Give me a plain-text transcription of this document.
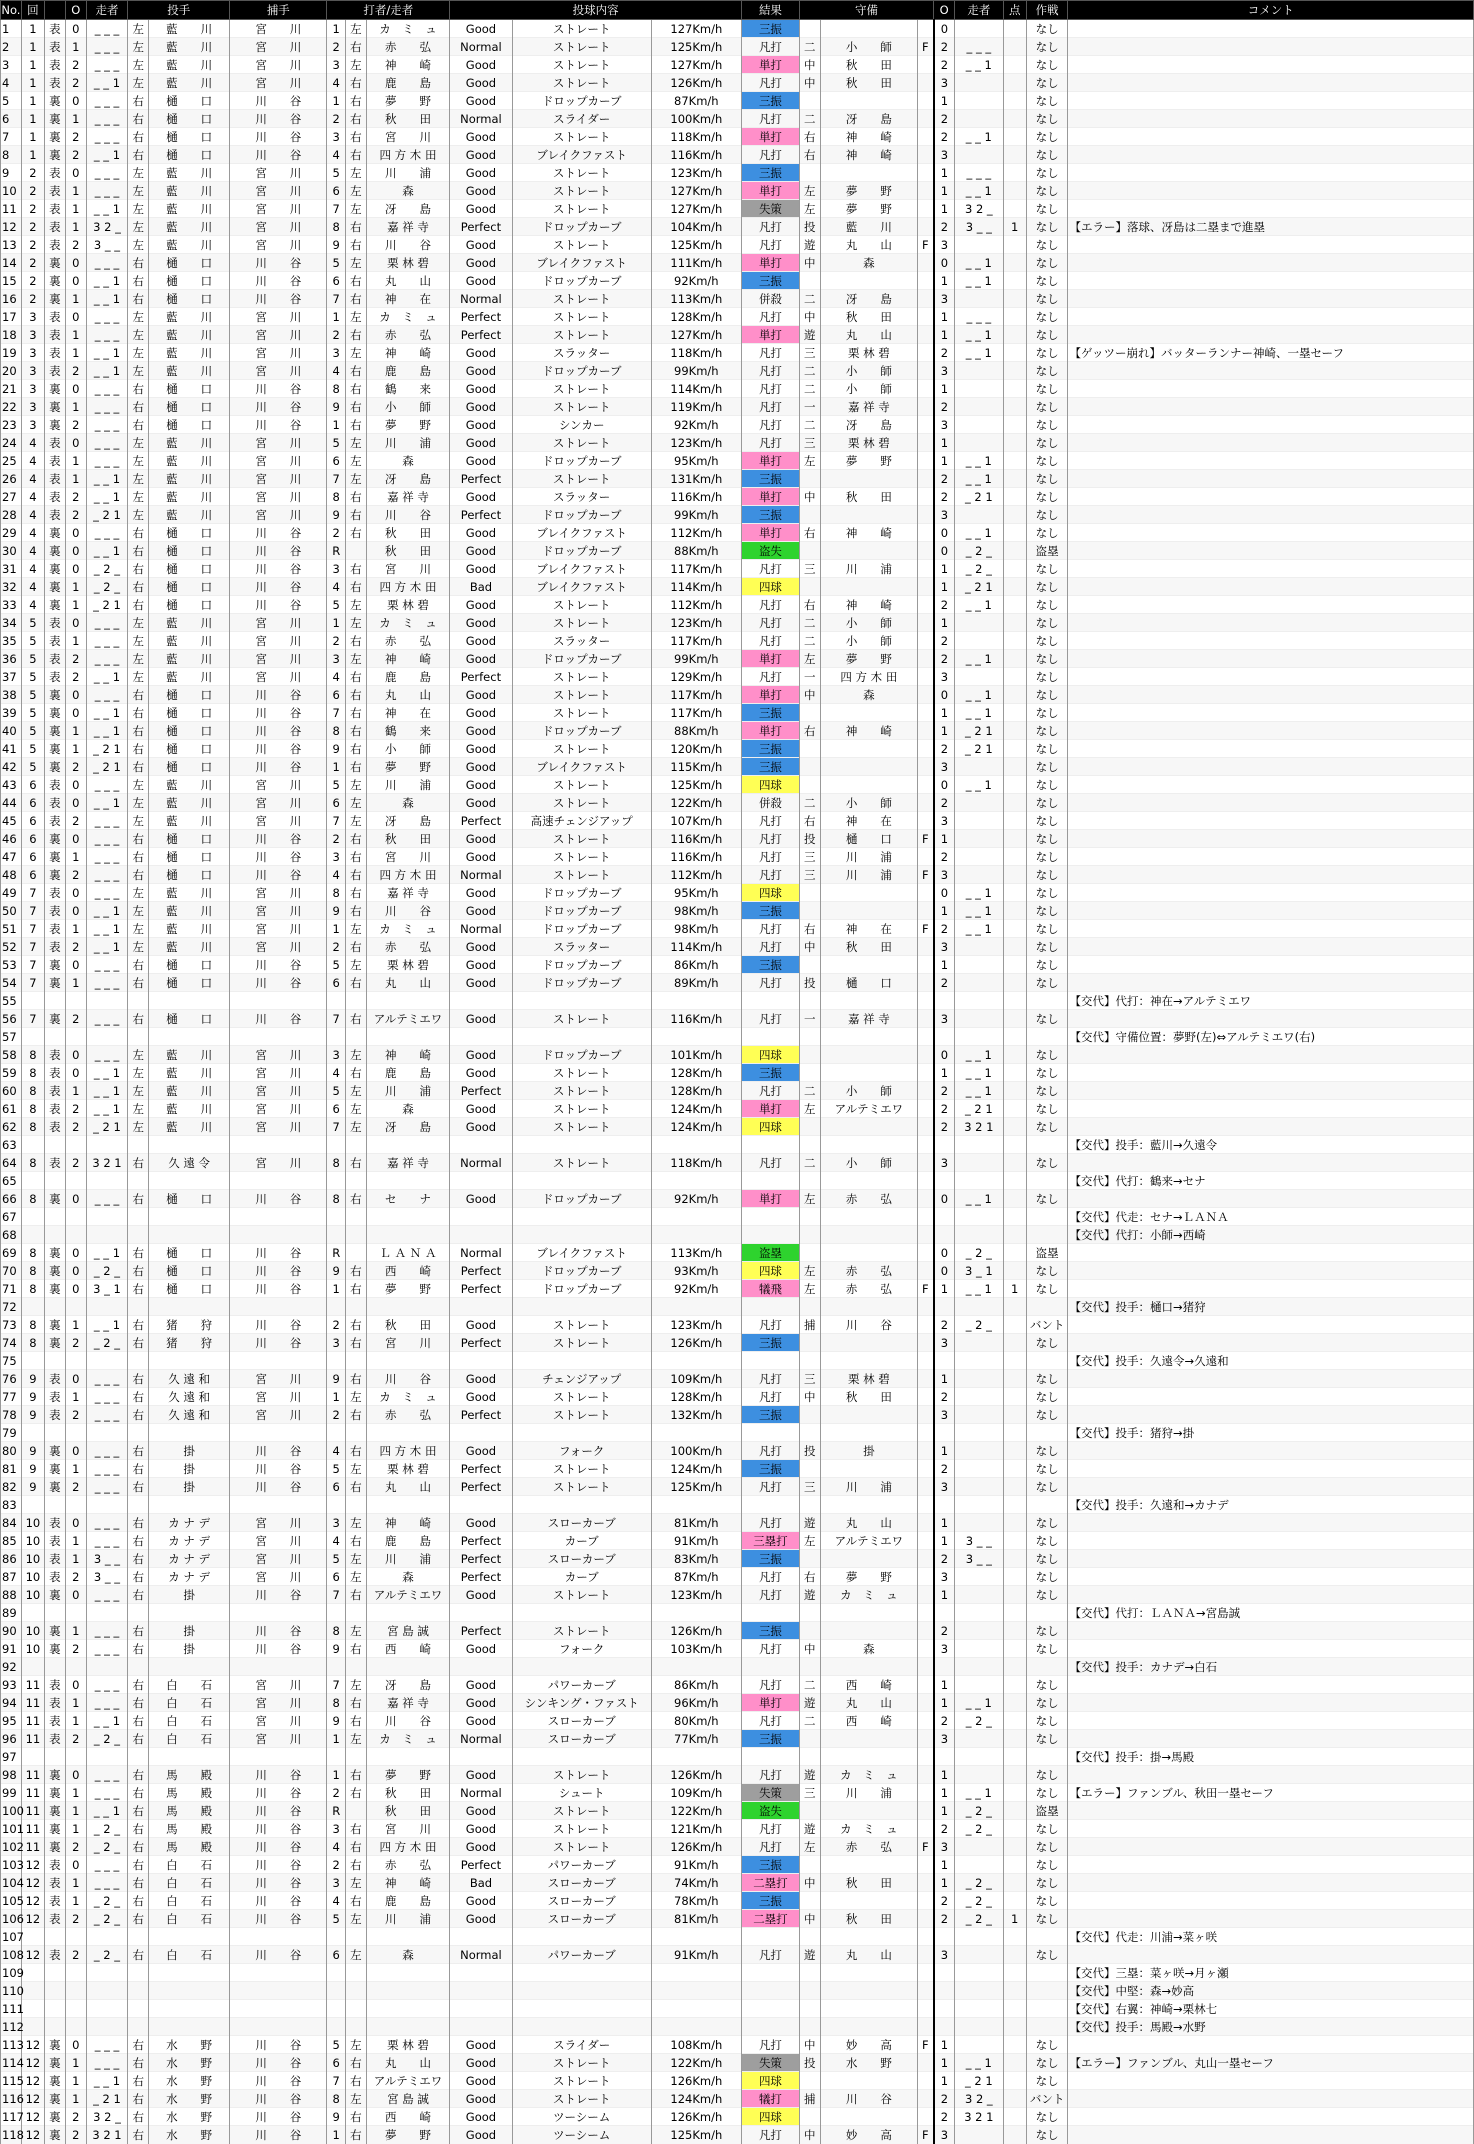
No.	回		O	走者	投手		捕手	打者/走者			投球内容			結果	守備			O	走者	点	作戦	コメント
1	1	表	0	_ _ _	左	藍　　川	宮　　川	1	左	カ　ミ　ュ	Good	ストレート	127Km/h	三振				0			なし	
2	1	表	1	_ _ _	左	藍　　川	宮　　川	2	右	赤　　弘	Normal	ストレート	125Km/h	凡打	二	小　　師	F	2	_ _ _		なし	
3	1	表	2	_ _ _	左	藍　　川	宮　　川	3	左	神　　崎	Good	ストレート	127Km/h	単打	中	秋　　田		2	_ _ 1		なし	
4	1	表	2	_ _ 1	左	藍　　川	宮　　川	4	右	鹿　　島	Good	ストレート	126Km/h	凡打	中	秋　　田		3			なし	
5	1	裏	0	_ _ _	右	樋　　口	川　　谷	1	右	夢　　野	Good	ドロップカーブ	87Km/h	三振				1			なし	
6	1	裏	1	_ _ _	右	樋　　口	川　　谷	2	右	秋　　田	Normal	スライダー	100Km/h	凡打	二	冴　　島		2			なし	
7	1	裏	2	_ _ _	右	樋　　口	川　　谷	3	右	宮　　川	Good	ストレート	118Km/h	単打	右	神　　崎		2	_ _ 1		なし	
8	1	裏	2	_ _ 1	右	樋　　口	川　　谷	4	右	四 方 木 田	Good	ブレイクファスト	116Km/h	凡打	右	神　　崎		3			なし	
9	2	表	0	_ _ _	左	藍　　川	宮　　川	5	左	川　　浦	Good	ストレート	123Km/h	三振				1	_ _ _		なし	
10	2	表	1	_ _ _	左	藍　　川	宮　　川	6	左	森	Good	ストレート	127Km/h	単打	左	夢　　野		1	_ _ 1		なし	
11	2	表	1	_ _ 1	左	藍　　川	宮　　川	7	左	冴　　島	Good	ストレート	127Km/h	失策	左	夢　　野		1	3 2 _		なし	
12	2	表	1	3 2 _	左	藍　　川	宮　　川	8	右	嘉 祥 寺	Perfect	ドロップカーブ	104Km/h	凡打	投	藍　　川		2	3 _ _	1	なし	【エラー】落球、冴島は二塁まで進塁
13	2	表	2	3 _ _	左	藍　　川	宮　　川	9	右	川　　谷	Good	ストレート	125Km/h	凡打	遊	丸　　山	F	3			なし	
14	2	裏	0	_ _ _	右	樋　　口	川　　谷	5	左	栗 林 碧	Good	ブレイクファスト	111Km/h	単打	中	森		0	_ _ 1		なし	
15	2	裏	0	_ _ 1	右	樋　　口	川　　谷	6	右	丸　　山	Good	ドロップカーブ	92Km/h	三振				1	_ _ 1		なし	
16	2	裏	1	_ _ 1	右	樋　　口	川　　谷	7	右	神　　在	Normal	ストレート	113Km/h	併殺	二	冴　　島		3			なし	
17	3	表	0	_ _ _	左	藍　　川	宮　　川	1	左	カ　ミ　ュ	Perfect	ストレート	128Km/h	凡打	中	秋　　田		1	_ _ _		なし	
18	3	表	1	_ _ _	左	藍　　川	宮　　川	2	右	赤　　弘	Perfect	ストレート	127Km/h	単打	遊	丸　　山		1	_ _ 1		なし	
19	3	表	1	_ _ 1	左	藍　　川	宮　　川	3	左	神　　崎	Good	スラッター	118Km/h	凡打	三	栗 林 碧		2	_ _ 1		なし	【ゲッツー崩れ】バッターランナー神崎、一塁セーフ
20	3	表	2	_ _ 1	左	藍　　川	宮　　川	4	右	鹿　　島	Good	ドロップカーブ	99Km/h	凡打	二	小　　師		3			なし	
21	3	裏	0	_ _ _	右	樋　　口	川　　谷	8	右	鶴　　来	Good	ストレート	114Km/h	凡打	二	小　　師		1			なし	
22	3	裏	1	_ _ _	右	樋　　口	川　　谷	9	右	小　　師	Good	ストレート	119Km/h	凡打	一	嘉 祥 寺		2			なし	
23	3	裏	2	_ _ _	右	樋　　口	川　　谷	1	右	夢　　野	Good	シンカー	92Km/h	凡打	二	冴　　島		3			なし	
24	4	表	0	_ _ _	左	藍　　川	宮　　川	5	左	川　　浦	Good	ストレート	123Km/h	凡打	三	栗 林 碧		1			なし	
25	4	表	1	_ _ _	左	藍　　川	宮　　川	6	左	森	Good	ドロップカーブ	95Km/h	単打	左	夢　　野		1	_ _ 1		なし	
26	4	表	1	_ _ 1	左	藍　　川	宮　　川	7	左	冴　　島	Perfect	ストレート	131Km/h	三振				2	_ _ 1		なし	
27	4	表	2	_ _ 1	左	藍　　川	宮　　川	8	右	嘉 祥 寺	Good	スラッター	116Km/h	単打	中	秋　　田		2	_ 2 1		なし	
28	4	表	2	_ 2 1	左	藍　　川	宮　　川	9	右	川　　谷	Perfect	ドロップカーブ	99Km/h	三振				3			なし	
29	4	裏	0	_ _ _	右	樋　　口	川　　谷	2	右	秋　　田	Good	ブレイクファスト	112Km/h	単打	右	神　　崎		0	_ _ 1		なし	
30	4	裏	0	_ _ 1	右	樋　　口	川　　谷	R		秋　　田	Good	ドロップカーブ	88Km/h	盗失				0	_ 2 _		盗塁	
31	4	裏	0	_ 2 _	右	樋　　口	川　　谷	3	右	宮　　川	Good	ブレイクファスト	117Km/h	凡打	三	川　　浦		1	_ 2 _		なし	
32	4	裏	1	_ 2 _	右	樋　　口	川　　谷	4	右	四 方 木 田	Bad	ブレイクファスト	114Km/h	四球				1	_ 2 1		なし	
33	4	裏	1	_ 2 1	右	樋　　口	川　　谷	5	左	栗 林 碧	Good	ストレート	112Km/h	凡打	右	神　　崎		2	_ _ 1		なし	
34	5	表	0	_ _ _	左	藍　　川	宮　　川	1	左	カ　ミ　ュ	Good	ストレート	123Km/h	凡打	二	小　　師		1			なし	
35	5	表	1	_ _ _	左	藍　　川	宮　　川	2	右	赤　　弘	Good	スラッター	117Km/h	凡打	二	小　　師		2			なし	
36	5	表	2	_ _ _	左	藍　　川	宮　　川	3	左	神　　崎	Good	ドロップカーブ	99Km/h	単打	左	夢　　野		2	_ _ 1		なし	
37	5	表	2	_ _ 1	左	藍　　川	宮　　川	4	右	鹿　　島	Perfect	ストレート	129Km/h	凡打	一	四 方 木 田		3			なし	
38	5	裏	0	_ _ _	右	樋　　口	川　　谷	6	右	丸　　山	Good	ストレート	117Km/h	単打	中	森		0	_ _ 1		なし	
39	5	裏	0	_ _ 1	右	樋　　口	川　　谷	7	右	神　　在	Good	ストレート	117Km/h	三振				1	_ _ 1		なし	
40	5	裏	1	_ _ 1	右	樋　　口	川　　谷	8	右	鶴　　来	Good	ドロップカーブ	88Km/h	単打	右	神　　崎		1	_ 2 1		なし	
41	5	裏	1	_ 2 1	右	樋　　口	川　　谷	9	右	小　　師	Good	ストレート	120Km/h	三振				2	_ 2 1		なし	
42	5	裏	2	_ 2 1	右	樋　　口	川　　谷	1	右	夢　　野	Good	ブレイクファスト	115Km/h	三振				3			なし	
43	6	表	0	_ _ _	左	藍　　川	宮　　川	5	左	川　　浦	Good	ストレート	125Km/h	四球				0	_ _ 1		なし	
44	6	表	0	_ _ 1	左	藍　　川	宮　　川	6	左	森	Good	ストレート	122Km/h	併殺	二	小　　師		2			なし	
45	6	表	2	_ _ _	左	藍　　川	宮　　川	7	左	冴　　島	Perfect	高速チェンジアップ	107Km/h	凡打	右	神　　在		3			なし	
46	6	裏	0	_ _ _	右	樋　　口	川　　谷	2	右	秋　　田	Good	ストレート	116Km/h	凡打	投	樋　　口	F	1			なし	
47	6	裏	1	_ _ _	右	樋　　口	川　　谷	3	右	宮　　川	Good	ストレート	116Km/h	凡打	三	川　　浦		2			なし	
48	6	裏	2	_ _ _	右	樋　　口	川　　谷	4	右	四 方 木 田	Normal	ストレート	112Km/h	凡打	三	川　　浦	F	3			なし	
49	7	表	0	_ _ _	左	藍　　川	宮　　川	8	右	嘉 祥 寺	Good	ドロップカーブ	95Km/h	四球				0	_ _ 1		なし	
50	7	表	0	_ _ 1	左	藍　　川	宮　　川	9	右	川　　谷	Good	ドロップカーブ	98Km/h	三振				1	_ _ 1		なし	
51	7	表	1	_ _ 1	左	藍　　川	宮　　川	1	左	カ　ミ　ュ	Normal	ドロップカーブ	98Km/h	凡打	右	神　　在	F	2	_ _ 1		なし	
52	7	表	2	_ _ 1	左	藍　　川	宮　　川	2	右	赤　　弘	Good	スラッター	114Km/h	凡打	中	秋　　田		3			なし	
53	7	裏	0	_ _ _	右	樋　　口	川　　谷	5	左	栗 林 碧	Good	ドロップカーブ	86Km/h	三振				1			なし	
54	7	裏	1	_ _ _	右	樋　　口	川　　谷	6	右	丸　　山	Good	ドロップカーブ	89Km/h	凡打	投	樋　　口		2			なし	
55																						【交代】代打：神在→アルテミエワ
56	7	裏	2	_ _ _	右	樋　　口	川　　谷	7	右	アルテミエワ	Good	ストレート	116Km/h	凡打	一	嘉 祥 寺		3			なし	
57																						【交代】守備位置：夢野(左)⇔アルテミエワ(右)
58	8	表	0	_ _ _	左	藍　　川	宮　　川	3	左	神　　崎	Good	ドロップカーブ	101Km/h	四球				0	_ _ 1		なし	
59	8	表	0	_ _ 1	左	藍　　川	宮　　川	4	右	鹿　　島	Good	ストレート	128Km/h	三振				1	_ _ 1		なし	
60	8	表	1	_ _ 1	左	藍　　川	宮　　川	5	左	川　　浦	Perfect	ストレート	128Km/h	凡打	二	小　　師		2	_ _ 1		なし	
61	8	表	2	_ _ 1	左	藍　　川	宮　　川	6	左	森	Good	ストレート	124Km/h	単打	左	アルテミエワ		2	_ 2 1		なし	
62	8	表	2	_ 2 1	左	藍　　川	宮　　川	7	左	冴　　島	Good	ストレート	124Km/h	四球				2	3 2 1		なし	
63																						【交代】投手：藍川→久遠令
64	8	表	2	3 2 1	右	久 遠 令	宮　　川	8	右	嘉 祥 寺	Normal	ストレート	118Km/h	凡打	二	小　　師		3			なし	
65																						【交代】代打：鶴来→セナ
66	8	裏	0	_ _ _	右	樋　　口	川　　谷	8	右	セ　　ナ	Good	ドロップカーブ	92Km/h	単打	左	赤　　弘		0	_ _ 1		なし	
67																						【交代】代走：セナ→ＬＡＮＡ
68																						【交代】代打：小師→西崎
69	8	裏	0	_ _ 1	右	樋　　口	川　　谷	R		Ｌ Ａ Ｎ Ａ	Normal	ブレイクファスト	113Km/h	盗塁				0	_ 2 _		盗塁	
70	8	裏	0	_ 2 _	右	樋　　口	川　　谷	9	右	西　　崎	Perfect	ドロップカーブ	93Km/h	四球	左	赤　　弘		0	3 _ 1		なし	
71	8	裏	0	3 _ 1	右	樋　　口	川　　谷	1	右	夢　　野	Perfect	ドロップカーブ	92Km/h	犠飛	左	赤　　弘	F	1	_ _ 1	1	なし	
72																						【交代】投手：樋口→猪狩
73	8	裏	1	_ _ 1	右	猪　　狩	川　　谷	2	右	秋　　田	Good	ストレート	123Km/h	凡打	捕	川　　谷		2	_ 2 _		バント	
74	8	裏	2	_ 2 _	右	猪　　狩	川　　谷	3	右	宮　　川	Perfect	ストレート	126Km/h	三振				3			なし	
75																						【交代】投手：久遠令→久遠和
76	9	表	0	_ _ _	右	久 遠 和	宮　　川	9	右	川　　谷	Good	チェンジアップ	109Km/h	凡打	三	栗 林 碧		1			なし	
77	9	表	1	_ _ _	右	久 遠 和	宮　　川	1	左	カ　ミ　ュ	Good	ストレート	128Km/h	凡打	中	秋　　田		2			なし	
78	9	表	2	_ _ _	右	久 遠 和	宮　　川	2	右	赤　　弘	Perfect	ストレート	132Km/h	三振				3			なし	
79																						【交代】投手：猪狩→掛
80	9	裏	0	_ _ _	右	掛	川　　谷	4	右	四 方 木 田	Good	フォーク	100Km/h	凡打	投	掛		1			なし	
81	9	裏	1	_ _ _	右	掛	川　　谷	5	左	栗 林 碧	Perfect	ストレート	124Km/h	三振				2			なし	
82	9	裏	2	_ _ _	右	掛	川　　谷	6	右	丸　　山	Perfect	ストレート	125Km/h	凡打	三	川　　浦		3			なし	
83																						【交代】投手：久遠和→カナデ
84	10	表	0	_ _ _	右	カ ナ デ	宮　　川	3	左	神　　崎	Good	スローカーブ	81Km/h	凡打	遊	丸　　山		1			なし	
85	10	表	1	_ _ _	右	カ ナ デ	宮　　川	4	右	鹿　　島	Perfect	カーブ	91Km/h	三塁打	左	アルテミエワ		1	3 _ _		なし	
86	10	表	1	3 _ _	右	カ ナ デ	宮　　川	5	左	川　　浦	Perfect	スローカーブ	83Km/h	三振				2	3 _ _		なし	
87	10	表	2	3 _ _	右	カ ナ デ	宮　　川	6	左	森	Perfect	カーブ	87Km/h	凡打	右	夢　　野		3			なし	
88	10	裏	0	_ _ _	右	掛	川　　谷	7	右	アルテミエワ	Good	ストレート	123Km/h	凡打	遊	カ　ミ　ュ		1			なし	
89																						【交代】代打：ＬＡＮＡ→宮島誠
90	10	裏	1	_ _ _	右	掛	川　　谷	8	左	宮 島 誠	Perfect	ストレート	126Km/h	三振				2			なし	
91	10	裏	2	_ _ _	右	掛	川　　谷	9	右	西　　崎	Good	フォーク	103Km/h	凡打	中	森		3			なし	
92																						【交代】投手：カナデ→白石
93	11	表	0	_ _ _	右	白　　石	宮　　川	7	左	冴　　島	Good	パワーカーブ	86Km/h	凡打	二	西　　崎		1			なし	
94	11	表	1	_ _ _	右	白　　石	宮　　川	8	右	嘉 祥 寺	Good	シンキング・ファスト	96Km/h	単打	遊	丸　　山		1	_ _ 1		なし	
95	11	表	1	_ _ 1	右	白　　石	宮　　川	9	右	川　　谷	Good	スローカーブ	80Km/h	凡打	二	西　　崎		2	_ 2 _		なし	
96	11	表	2	_ 2 _	右	白　　石	宮　　川	1	左	カ　ミ　ュ	Normal	スローカーブ	77Km/h	三振				3			なし	
97																						【交代】投手：掛→馬殿
98	11	裏	0	_ _ _	右	馬　　殿	川　　谷	1	右	夢　　野	Good	ストレート	126Km/h	凡打	遊	カ　ミ　ュ		1			なし	
99	11	裏	1	_ _ _	右	馬　　殿	川　　谷	2	右	秋　　田	Normal	シュート	109Km/h	失策	三	川　　浦		1	_ _ 1		なし	【エラー】ファンブル、秋田一塁セーフ
100	11	裏	1	_ _ 1	右	馬　　殿	川　　谷	R		秋　　田	Good	ストレート	122Km/h	盗失				1	_ 2 _		盗塁	
101	11	裏	1	_ 2 _	右	馬　　殿	川　　谷	3	右	宮　　川	Good	ストレート	121Km/h	凡打	遊	カ　ミ　ュ		2	_ 2 _		なし	
102	11	裏	2	_ 2 _	右	馬　　殿	川　　谷	4	右	四 方 木 田	Good	ストレート	126Km/h	凡打	左	赤　　弘	F	3			なし	
103	12	表	0	_ _ _	右	白　　石	川　　谷	2	右	赤　　弘	Perfect	パワーカーブ	91Km/h	三振				1			なし	
104	12	表	1	_ _ _	右	白　　石	川　　谷	3	左	神　　崎	Bad	スローカーブ	74Km/h	二塁打	中	秋　　田		1	_ 2 _		なし	
105	12	表	1	_ 2 _	右	白　　石	川　　谷	4	右	鹿　　島	Good	スローカーブ	78Km/h	三振				2	_ 2 _		なし	
106	12	表	2	_ 2 _	右	白　　石	川　　谷	5	左	川　　浦	Good	スローカーブ	81Km/h	二塁打	中	秋　　田		2	_ 2 _	1	なし	
107																						【交代】代走：川浦→菜ヶ咲
108	12	表	2	_ 2 _	右	白　　石	川　　谷	6	左	森	Normal	パワーカーブ	91Km/h	凡打	遊	丸　　山		3			なし	
109																						【交代】三塁：菜ヶ咲→月ヶ瀬
110																						【交代】中堅：森→妙高
111																						【交代】右翼：神崎→栗林七
112																						【交代】投手：馬殿→水野
113	12	裏	0	_ _ _	右	水　　野	川　　谷	5	左	栗 林 碧	Good	スライダー	108Km/h	凡打	中	妙　　高	F	1			なし	
114	12	裏	1	_ _ _	右	水　　野	川　　谷	6	右	丸　　山	Good	ストレート	122Km/h	失策	投	水　　野		1	_ _ 1		なし	【エラー】ファンブル、丸山一塁セーフ
115	12	裏	1	_ _ 1	右	水　　野	川　　谷	7	右	アルテミエワ	Good	ストレート	126Km/h	四球				1	_ 2 1		なし	
116	12	裏	1	_ 2 1	右	水　　野	川　　谷	8	左	宮 島 誠	Good	ストレート	124Km/h	犠打	捕	川　　谷		2	3 2 _		バント	
117	12	裏	2	3 2 _	右	水　　野	川　　谷	9	右	西　　崎	Good	ツーシーム	126Km/h	四球				2	3 2 1		なし	
118	12	裏	2	3 2 1	右	水　　野	川　　谷	1	右	夢　　野	Good	ツーシーム	125Km/h	凡打	中	妙　　高	F	3			なし	
